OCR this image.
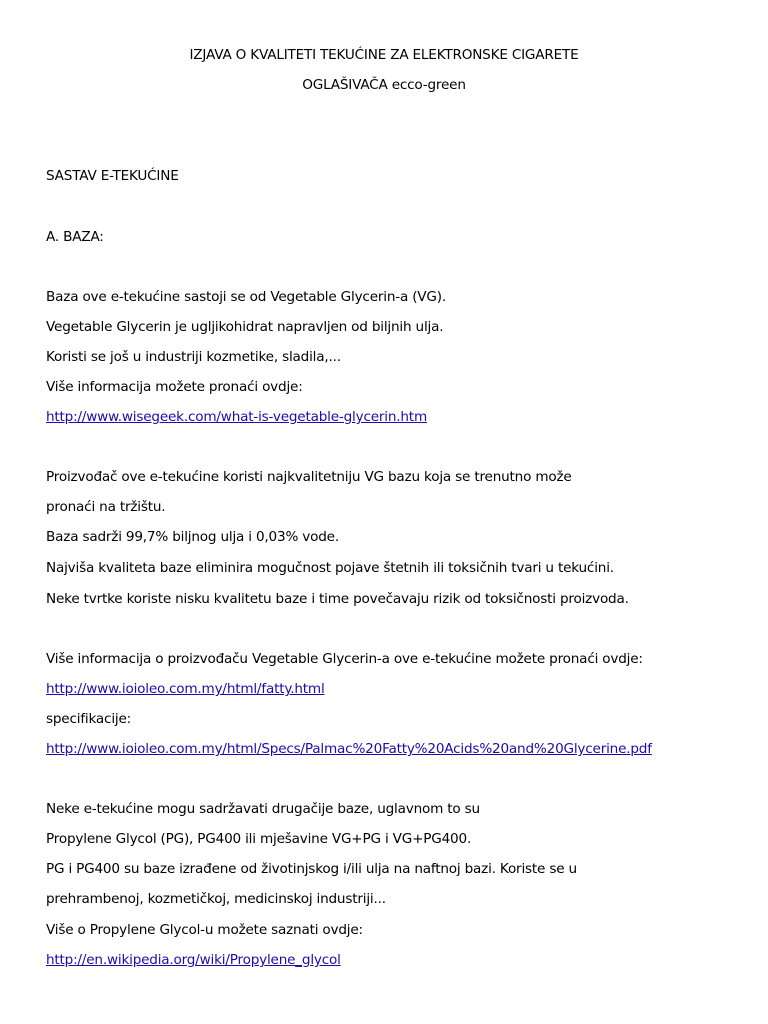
IZJAVA O KVALITETI TEKUĆINE ZA ELEKTRONSKE CIGARETE

OGLAŠIVAČA ecco-green

SASTAV E-TEKUĆINE

A. BAZA:

Baza ove e-tekućine sastoji se od Vegetable Glycerin-a (VG).

Vegetable Glycerin je ugljikohidrat napravljen od biljnih ulja.

Koristi se još u industriji kozmetike, sladila,...

Više informacija možete pronaći ovdje:

http://www.wisegeek.com/what-is-vegetable-glycerin.htm

Proizvođač ove e-tekućine koristi najkvalitetniju VG bazu koja se trenutno može

pronaći na tržištu.

Baza sadrži 99,7% biljnog ulja i 0,03% vode.

Najviša kvaliteta baze eliminira mogučnost pojave štetnih ili toksičnih tvari u tekućini.

Neke tvrtke koriste nisku kvalitetu baze i time povečavaju rizik od toksičnosti proizvoda.

Više informacija o proizvođaču Vegetable Glycerin-a ove e-tekućine možete pronaći ovdje:

http://www.ioioleo.com.my/html/fatty.html

specifikacije:

http://www.ioioleo.com.my/html/Specs/Palmac%20Fatty%20Acids%20and%20Glycerine.pdf

Neke e-tekućine mogu sadržavati drugačije baze, uglavnom to su

Propylene Glycol (PG), PG400 ili mješavine VG+PG i VG+PG400.

PG i PG400 su baze izrađene od životinjskog i/ili ulja na naftnoj bazi. Koriste se u

prehrambenoj, kozmetičkoj, medicinskoj industriji...

Više o Propylene Glycol-u možete saznati ovdje:

http://en.wikipedia.org/wiki/Propylene_glycol
